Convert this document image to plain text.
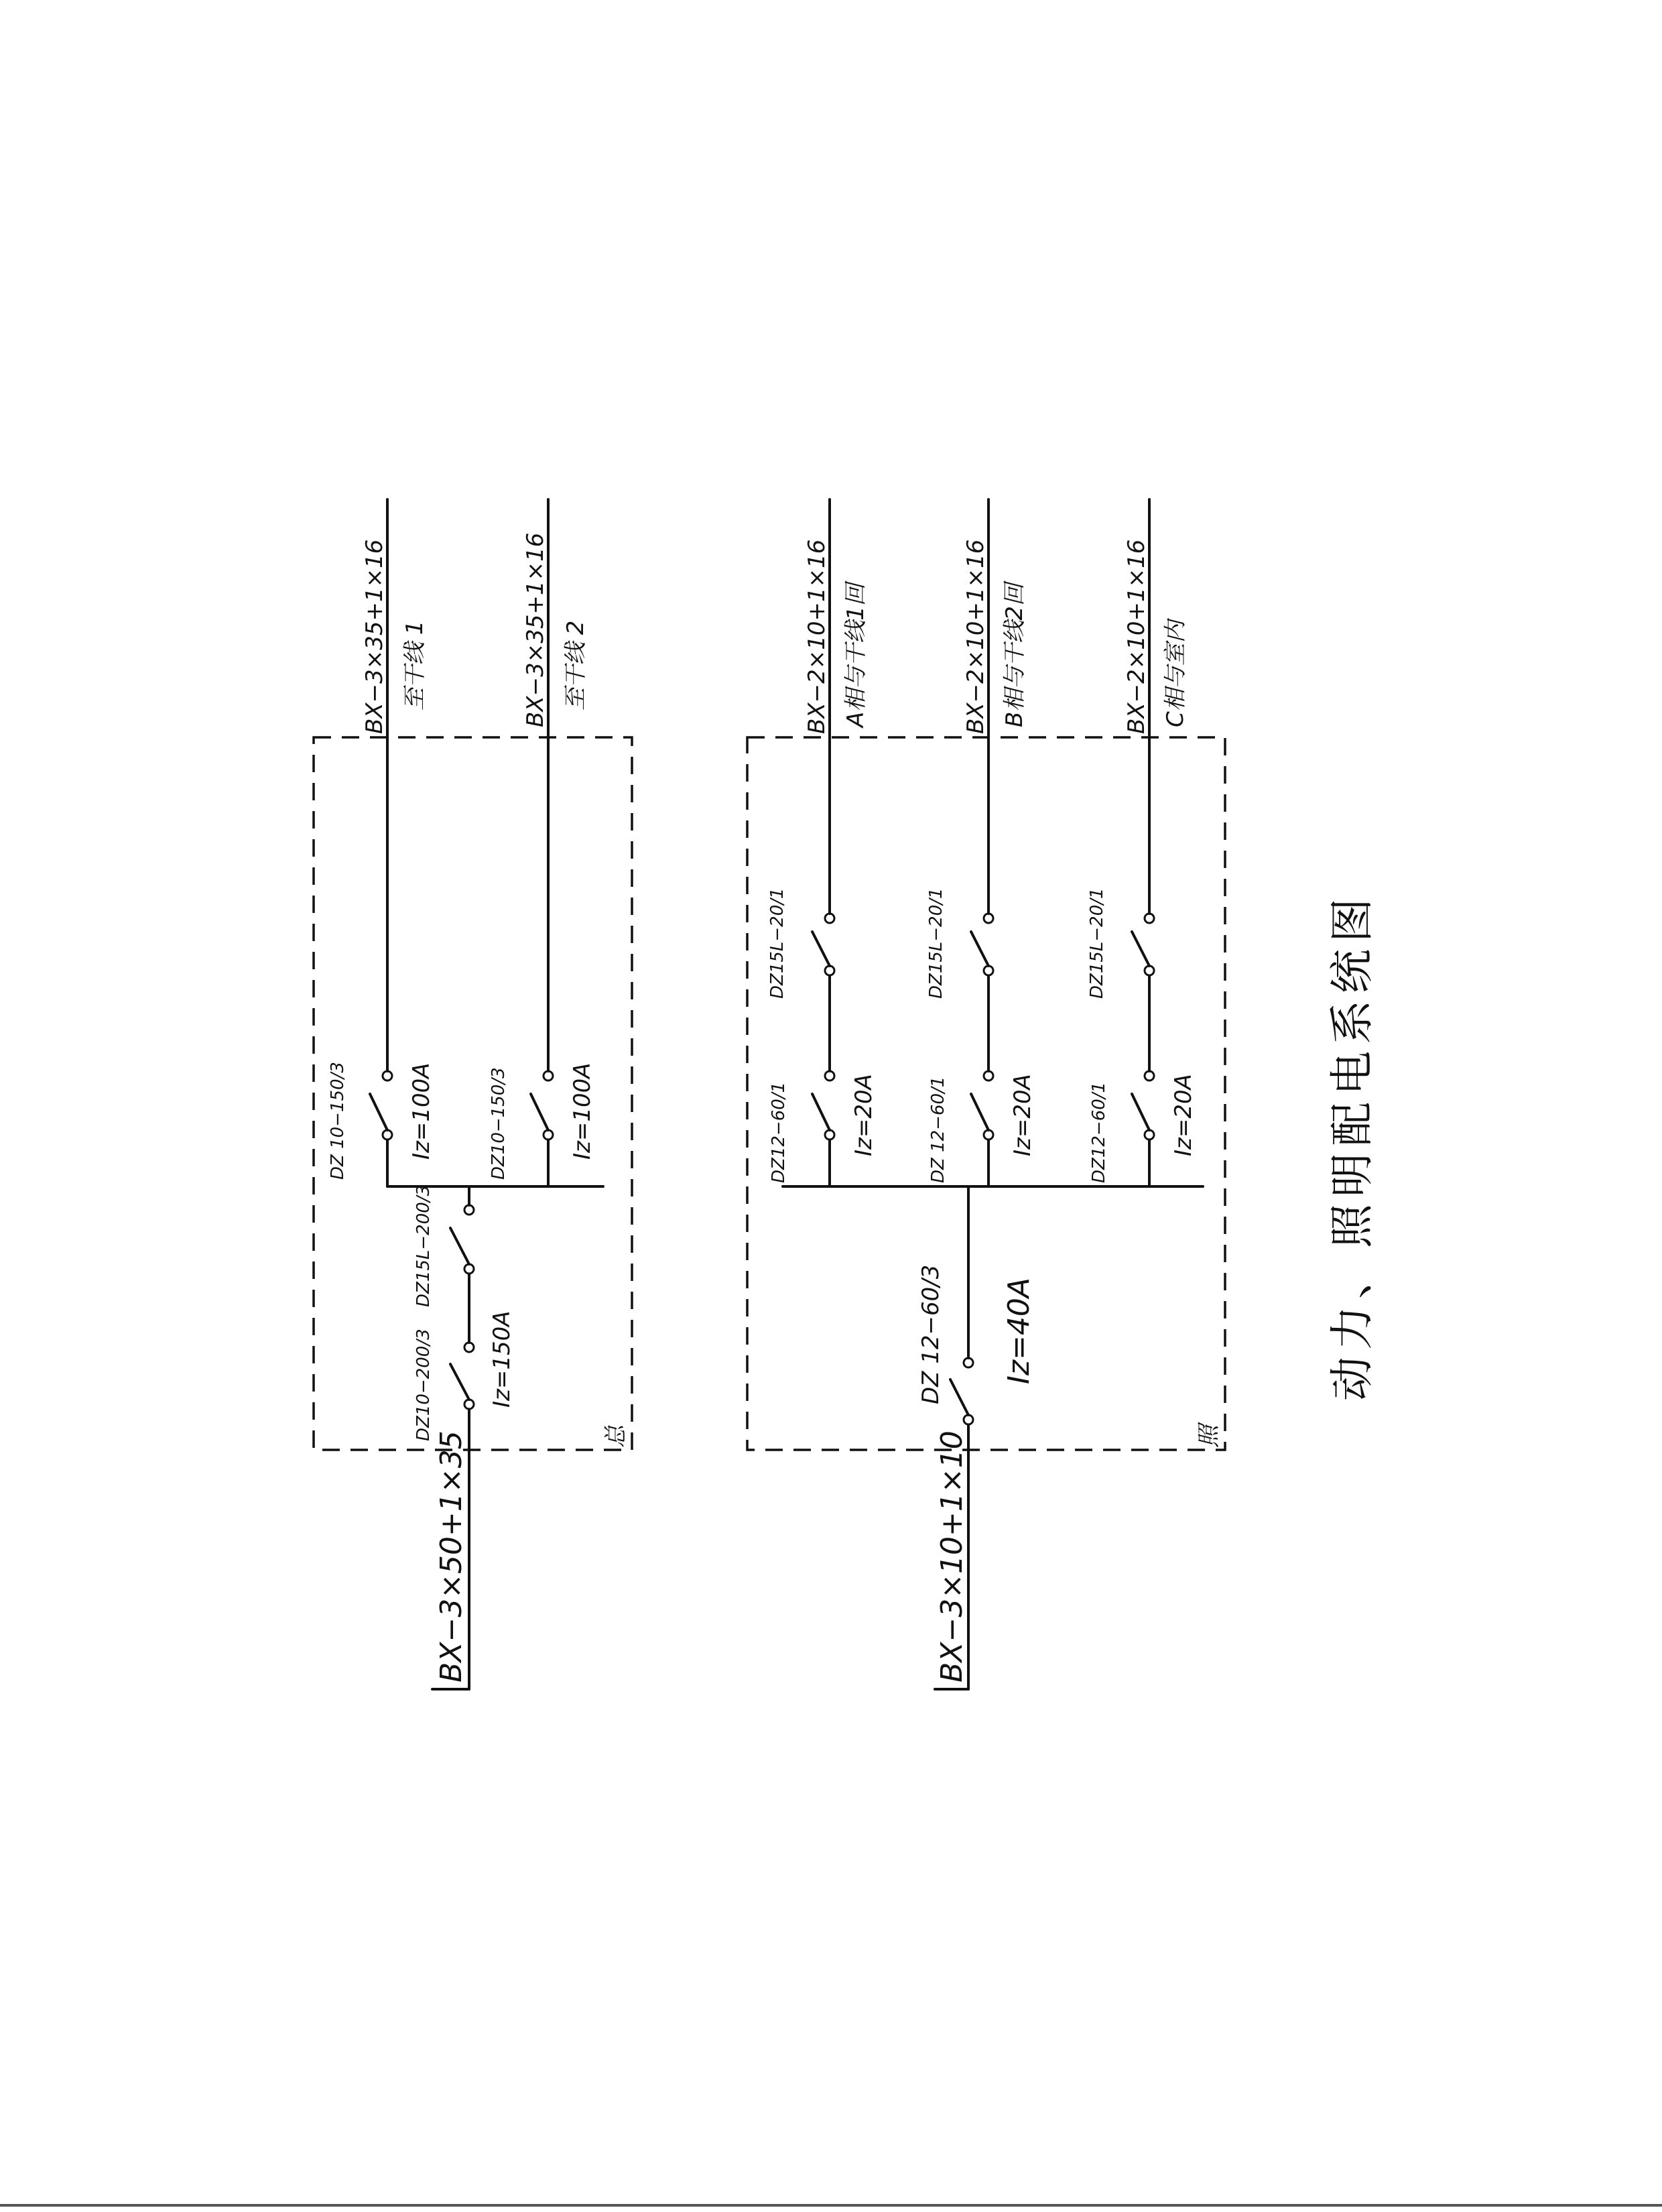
BX−3×50+1×35
DZ10−200/3 Iz=150A
DZ15L−200/3
DZ 10−150/3	Iz=100A
BX−3×35+1×16 至干线 1
DZ10−150/3	Iz=100A
BX−3×35+1×16 至干线 2
总	BX−3×10+1×10
DZ 12−60/3 Iz=40A
DZ12−60/1	Iz=20A
DZ15L−20/1
BX−2×10+1×16 A相与干线1回
DZ 12−60/1	Iz=20A
DZ15L−20/1
BX−2×10+1×16 B相与干线2回
DZ12−60/1	Iz=20A
DZ15L−20/1
BX−2×10+1×16 C相与室内
照
动力、照明配电系统图
